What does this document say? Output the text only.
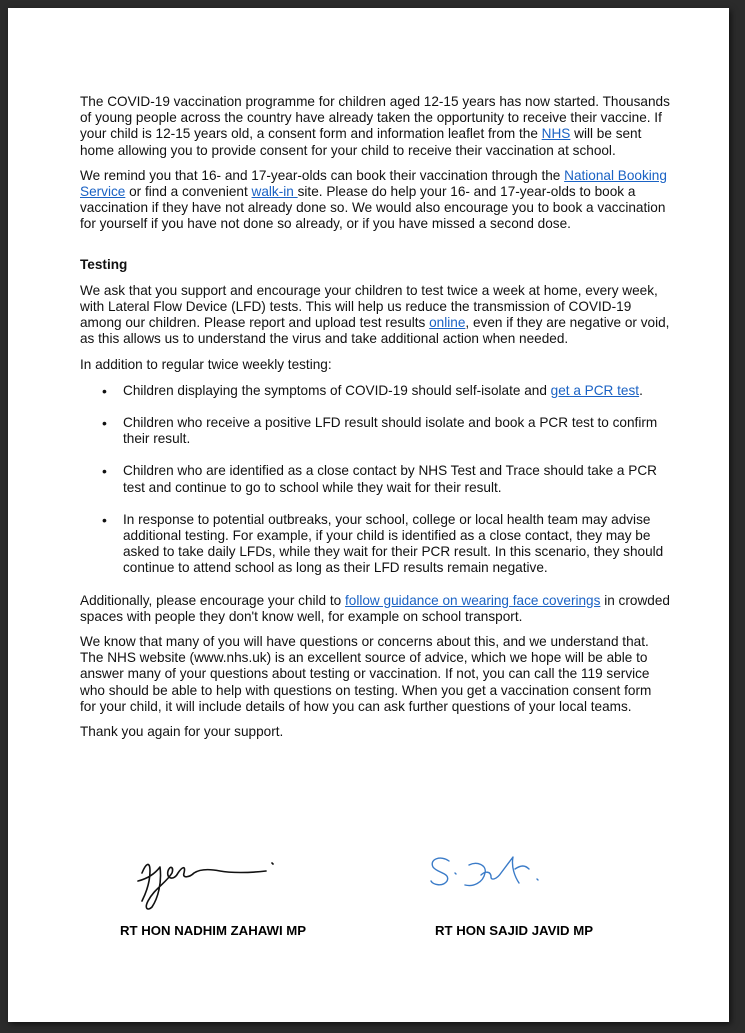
The COVID-19 vaccination programme for children aged 12-15 years has now started. Thousands of young people across the country have already taken the opportunity to receive their vaccine. If your child is 12-15 years old, a consent form and information leaflet from the NHS will be sent home allowing you to provide consent for your child to receive their vaccination at school.

We remind you that 16- and 17-year-olds can book their vaccination through the National Booking Service or find a convenient walk-in site. Please do help your 16- and 17-year-olds to book a vaccination if they have not already done so. We would also encourage you to book a vaccination for yourself if you have not done so already, or if you have missed a second dose.

Testing

We ask that you support and encourage your children to test twice a week at home, every week, with Lateral Flow Device (LFD) tests. This will help us reduce the transmission of COVID-19 among our children. Please report and upload test results online, even if they are negative or void, as this allows us to understand the virus and take additional action when needed.

In addition to regular twice weekly testing:

• Children displaying the symptoms of COVID-19 should self-isolate and get a PCR test.
• Children who receive a positive LFD result should isolate and book a PCR test to confirm their result.
• Children who are identified as a close contact by NHS Test and Trace should take a PCR test and continue to go to school while they wait for their result.
• In response to potential outbreaks, your school, college or local health team may advise additional testing. For example, if your child is identified as a close contact, they may be asked to take daily LFDs, while they wait for their PCR result. In this scenario, they should continue to attend school as long as their LFD results remain negative.

Additionally, please encourage your child to follow guidance on wearing face coverings in crowded spaces with people they don't know well, for example on school transport.

We know that many of you will have questions or concerns about this, and we understand that. The NHS website (www.nhs.uk) is an excellent source of advice, which we hope will be able to answer many of your questions about testing or vaccination. If not, you can call the 119 service who should be able to help with questions on testing. When you get a vaccination consent form for your child, it will include details of how you can ask further questions of your local teams.

Thank you again for your support.

RT HON NADHIM ZAHAWI MP	RT HON SAJID JAVID MP
